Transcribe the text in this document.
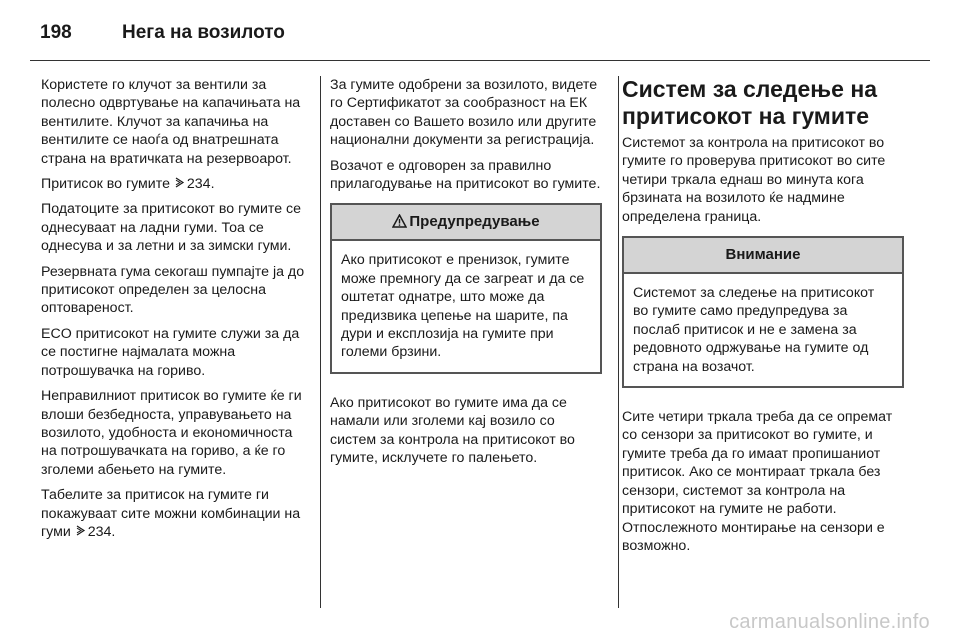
198	Нега на возилото

Користете го клучот за вентили за полесно одвртување на капачињата на вентилите. Клучот за капачиња на вентилите се наоѓа од внатрешната страна на вратичката на резервоарот.

Притисок во гумите 234.

Податоците за притисокот во гумите се однесуваат на ладни гуми. Тоа се однесува и за летни и за зимски гуми.

Резервната гума секогаш пумпајте ја до притисокот определен за целосна оптовареност.

ECO притисокот на гумите служи за да се постигне најмалата можна потрошувачка на гориво.

Неправилниот притисок во гумите ќе ги влоши безбедноста, управувањето на возилото, удобноста и економичноста на потрошувачката на гориво, а ќе го зголеми абењето на гумите.

Табелите за притисок на гумите ги покажуваат сите можни комбинации на гуми 234.

За гумите одобрени за возилото, видете го Сертификатот за сообразност на ЕК доставен со Вашето возило или другите национални документи за регистрација.

Возачот е одговорен за правилно прилагодување на притисокот во гумите.

Предупредување

Ако притисокот е пренизок, гумите може премногу да се загреат и да се оштетат однатре, што може да предизвика цепење на шарите, па дури и експлозија на гумите при големи брзини.

Ако притисокот во гумите има да се намали или зголеми кај возило со систем за контрола на притисокот во гумите, исклучете го палењето.

Систем за следење на притисокот на гумите

Системот за контрола на притисокот во гумите го проверува притисокот во сите четири тркала еднаш во минута кога брзината на возилото ќе надмине определена граница.

Внимание

Системот за следење на притисокот во гумите само предупредува за послаб притисок и не е замена за редовното одржување на гумите од страна на возачот.

Сите четири тркала треба да се опремат со сензори за притисокот во гумите, и гумите треба да го имаат пропишаниот притисок. Ако се монтираат тркала без сензори, системот за контрола на притисокот на гумите не работи. Отпослежното монтирање на сензори е возможно.

carmanualsonline.info
